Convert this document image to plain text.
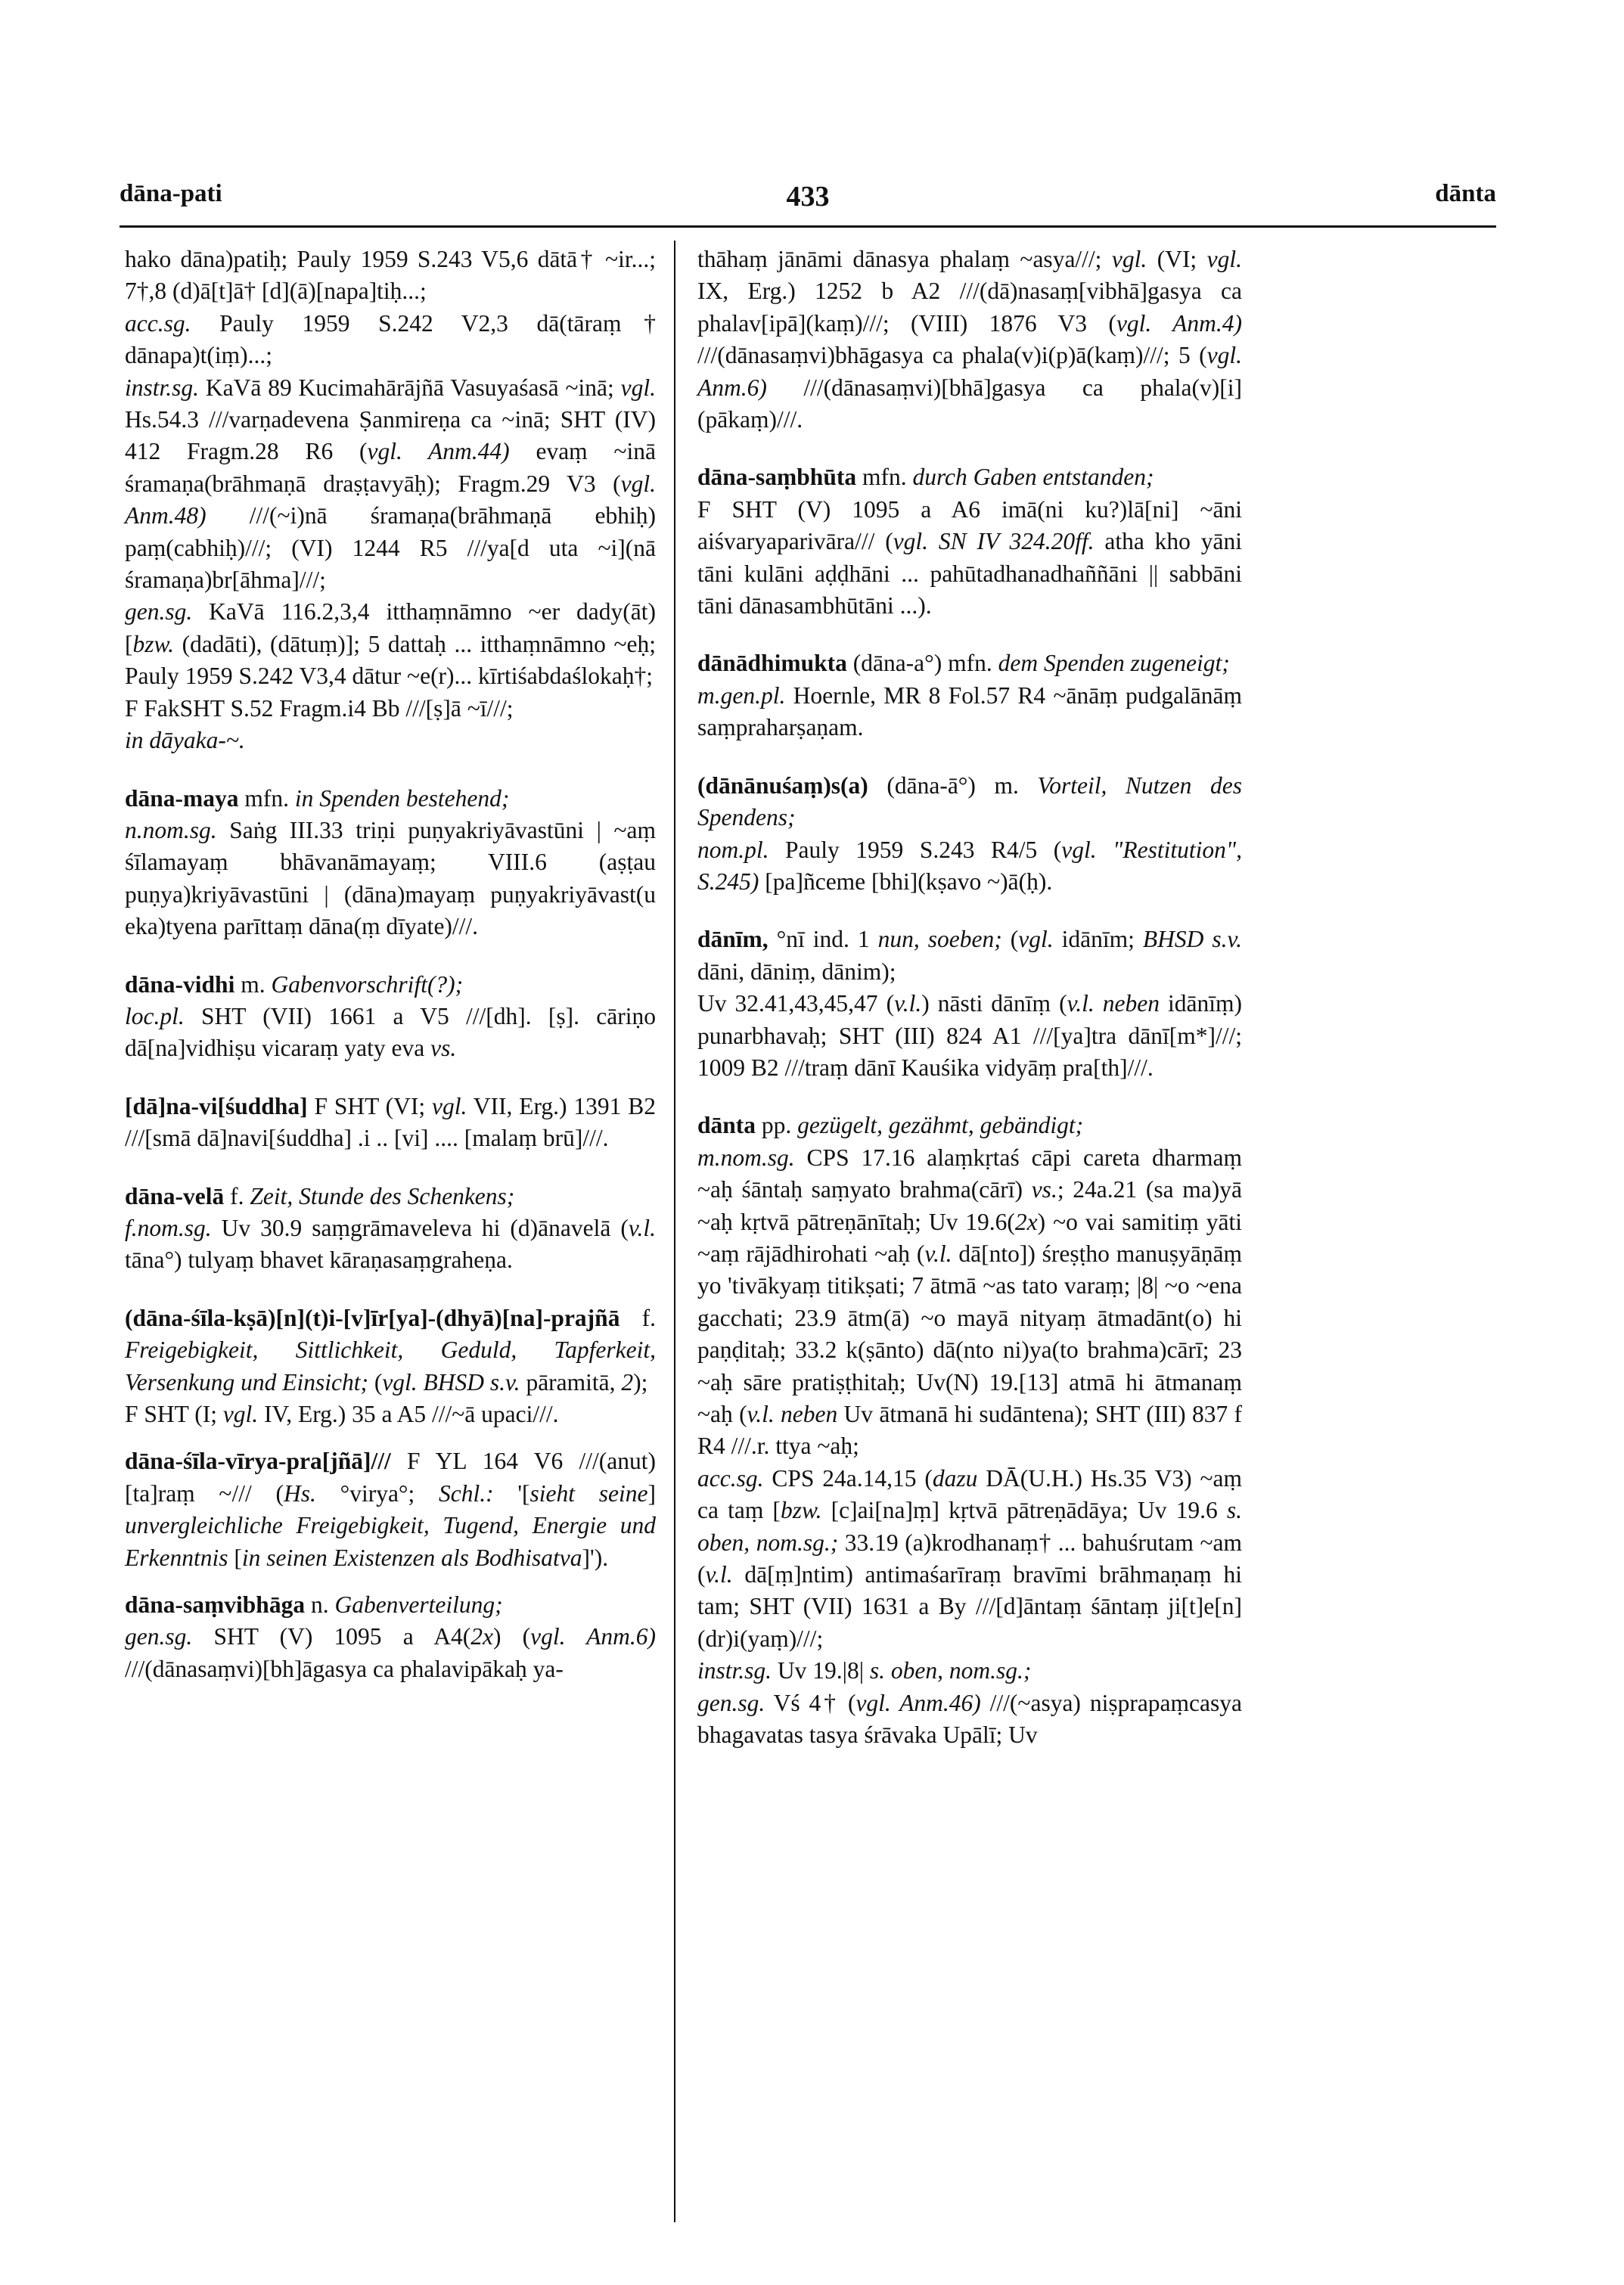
dāna-pati	433	dānta

hako dāna)patiḥ; Pauly 1959 S.243 V5,6 dātā† ~ir...; 7†,8 (d)ā[t]ā† [d](ā)[napa]tiḥ...;

acc.sg. Pauly 1959 S.242 V2,3 dā(tāraṃ† dānapa)t(iṃ)...;

instr.sg. KaVā 89 Kucimahārājñā Vasuyaśasā ~inā; vgl. Hs.54.3 ///varṇadevena Ṣanmireṇa ca ~inā; SHT (IV) 412 Fragm.28 R6 (vgl. Anm.44) evaṃ ~inā śramaṇa(brāhmaṇā draṣṭavyāḥ); Fragm.29 V3 (vgl. Anm.48) ///(~i)nā śramaṇa(brāhmaṇā ebhiḥ) paṃ(cabhiḥ)///; (VI) 1244 R5 ///ya[d uta ~i](nā śramaṇa)br[āhma]///;

gen.sg. KaVā 116.2,3,4 itthaṃnāmno ~er dady(āt) [bzw. (dadāti), (dātuṃ)]; 5 dattaḥ ... itthaṃnāmno ~eḥ; Pauly 1959 S.242 V3,4 dātur ~e(r)... kīrtiśabdaślokaḥ†;

F FakSHT S.52 Fragm.i4 Bb ///[ṣ]ā ~ī///;

in dāyaka-~.

dāna-maya mfn. in Spenden bestehend;

n.nom.sg. Saṅg III.33 triṇi puṇyakriyāvastūni | ~aṃ śīlamayaṃ bhāvanāmayaṃ; VIII.6 (aṣṭau puṇya)kriyāvastūni | (dāna)mayaṃ puṇyakriyāvast(u eka)tyena parīttaṃ dāna(ṃ dīyate)///.

dāna-vidhi m. Gabenvorschrift(?);

loc.pl. SHT (VII) 1661 a V5 ///[dh]. [ṣ]. cāriṇo dā[na]vidhiṣu vicaraṃ yaty eva vs.

[dā]na-vi[śuddha] F SHT (VI; vgl. VII, Erg.) 1391 B2 ///[smā dā]navi[śuddha] .i .. [vi] .... [malaṃ brū]///.

dāna-velā f. Zeit, Stunde des Schenkens;

f.nom.sg. Uv 30.9 saṃgrāmaveleva hi (d)ānavelā (v.l. tāna°) tulyaṃ bhavet kāraṇasaṃgraheṇa.

(dāna-śīla-kṣā)[n](t)i-[v]īr[ya]-(dhyā)[na]-prajñā f. Freigebigkeit, Sittlichkeit, Geduld, Tapferkeit, Versenkung und Einsicht; (vgl. BHSD s.v. pāramitā, 2);

F SHT (I; vgl. IV, Erg.) 35 a A5 ///~ā upaci///.

dāna-śīla-vīrya-pra[jñā]/// F YL 164 V6 ///(anut)[ta]raṃ ~/// (Hs. °virya°; Schl.: '[sieht seine] unvergleichliche Freigebigkeit, Tugend, Energie und Erkenntnis [in seinen Existenzen als Bodhisatva]').

dāna-saṃvibhāga n. Gabenverteilung;

gen.sg. SHT (V) 1095 a A4(2x) (vgl. Anm.6) ///(dānasaṃvi)[bh]āgasya ca phalavipākaḥ ya-

thāhaṃ jānāmi dānasya phalaṃ ~asya///; vgl. (VI; vgl. IX, Erg.) 1252 b A2 ///(dā)nasaṃ[vibhā]gasya ca phalav[ipā](kaṃ)///; (VIII) 1876 V3 (vgl. Anm.4) ///(dānasaṃvi)bhāgasya ca phala(v)i(p)ā(kaṃ)///; 5 (vgl. Anm.6) ///(dānasaṃvi)[bhā]gasya ca phala(v)[i](pākaṃ)///.

dāna-saṃbhūta mfn. durch Gaben entstanden;

F SHT (V) 1095 a A6 imā(ni ku?)lā[ni] ~āni aiśvaryaparivāra/// (vgl. SN IV 324.20ff. atha kho yāni tāni kulāni aḍḍhāni ... pahūtadhanadhaññāni || sabbāni tāni dānasambhūtāni ...).

dānādhimukta (dāna-a°) mfn. dem Spenden zugeneigt;

m.gen.pl. Hoernle, MR 8 Fol.57 R4 ~ānāṃ pudgalānāṃ saṃpraharṣaṇam.

(dānānuśaṃ)s(a) (dāna-ā°) m. Vorteil, Nutzen des Spendens;

nom.pl. Pauly 1959 S.243 R4/5 (vgl. "Restitution", S.245) [pa]ñceme [bhi](kṣavo ~)ā(ḥ).

dānīm, °nī ind. 1 nun, soeben; (vgl. idānīm; BHSD s.v. dāni, dāniṃ, dānim);

Uv 32.41,43,45,47 (v.l.) nāsti dānīṃ (v.l. neben idānīṃ) punarbhavaḥ; SHT (III) 824 A1 ///[ya]tra dānī[m*]///; 1009 B2 ///traṃ dānī Kauśika vidyāṃ pra[th]///.

dānta pp. gezügelt, gezähmt, gebändigt;

m.nom.sg. CPS 17.16 alaṃkṛtaś cāpi careta dharmaṃ ~aḥ śāntaḥ saṃyato brahma(cārī) vs.; 24a.21 (sa ma)yā ~aḥ kṛtvā pātreṇānītaḥ; Uv 19.6(2x) ~o vai samitiṃ yāti ~aṃ rājādhirohati ~aḥ (v.l. dā[nto]) śreṣṭho manuṣyāṇāṃ yo 'tivākyaṃ titikṣati; 7 ātmā ~as tato varaṃ; |8| ~o ~ena gacchati; 23.9 ātm(ā) ~o mayā nityaṃ ātmadānt(o) hi paṇḍitaḥ; 33.2 k(ṣānto) dā(nto ni)ya(to brahma)cārī; 23 ~aḥ sāre pratiṣṭhitaḥ; Uv(N) 19.[13] atmā hi ātmanaṃ ~aḥ (v.l. neben Uv ātmanā hi sudāntena); SHT (III) 837 f R4 ///.r. ttya ~aḥ;

acc.sg. CPS 24a.14,15 (dazu DĀ(U.H.) Hs.35 V3) ~aṃ ca taṃ [bzw. [c]ai[na]ṃ] kṛtvā pātreṇādāya; Uv 19.6 s. oben, nom.sg.; 33.19 (a)krodhanaṃ† ... bahuśrutam ~am (v.l. dā[ṃ]ntim) antimaśarīraṃ bravīmi brāhmaṇaṃ hi tam; SHT (VII) 1631 a By ///[d]āntaṃ śāntaṃ ji[t]e[n](dr)i(yaṃ)///;

instr.sg. Uv 19.|8| s. oben, nom.sg.;

gen.sg. Vś 4† (vgl. Anm.46) ///(~asya) niṣprapaṃcasya bhagavatas tasya śrāvaka Upālī; Uv
